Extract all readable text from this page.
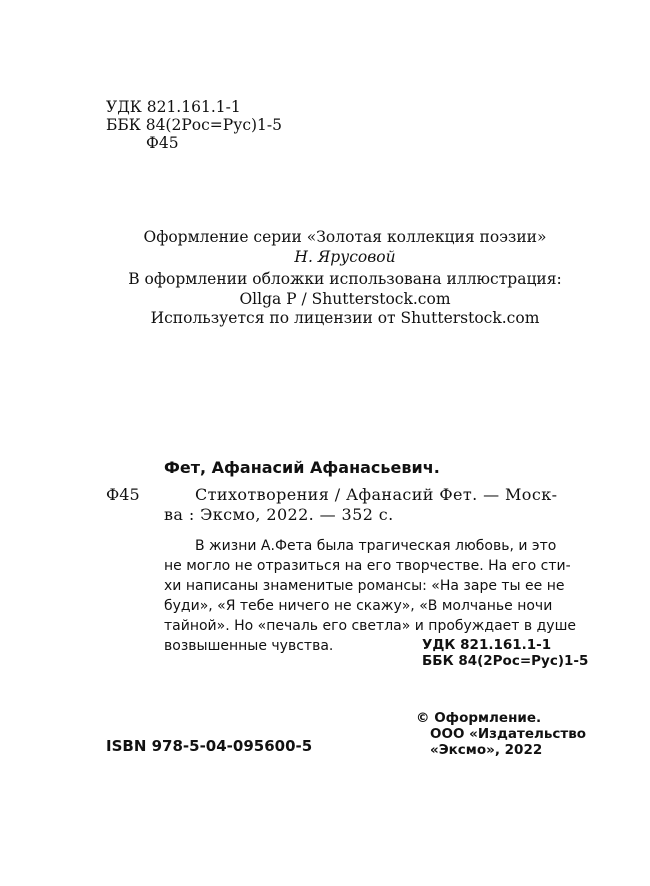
УДК 821.161.1-1
ББК 84(2Рос=Рус)1-5
Ф45
Оформление серии «Золотая коллекция поэзии»
Н. Ярусовой
В оформлении обложки использована иллюстрация:
Ollga P / Shutterstock.com
Используется по лицензии от Shutterstock.com
Фет, Афанасий Афанасьевич.
Ф45	Стихотворения / Афанасий Фет. — Моск-
ва : Эксмо, 2022. — 352 с.
В жизни А.Фета была трагическая любовь, и это
не могло не отразиться на его творчестве. На его сти-
хи написаны знаменитые романсы: «На заре ты ее не
буди», «Я тебе ничего не скажу», «В молчанье ночи
тайной». Но «печаль его светла» и пробуждает в душе
возвышенные чувства.	УДК 821.161.1-1
ББК 84(2Рос=Рус)1-5
© Оформление.
ООО «Издательство
«Эксмо», 2022
ISBN 978-5-04-095600-5
